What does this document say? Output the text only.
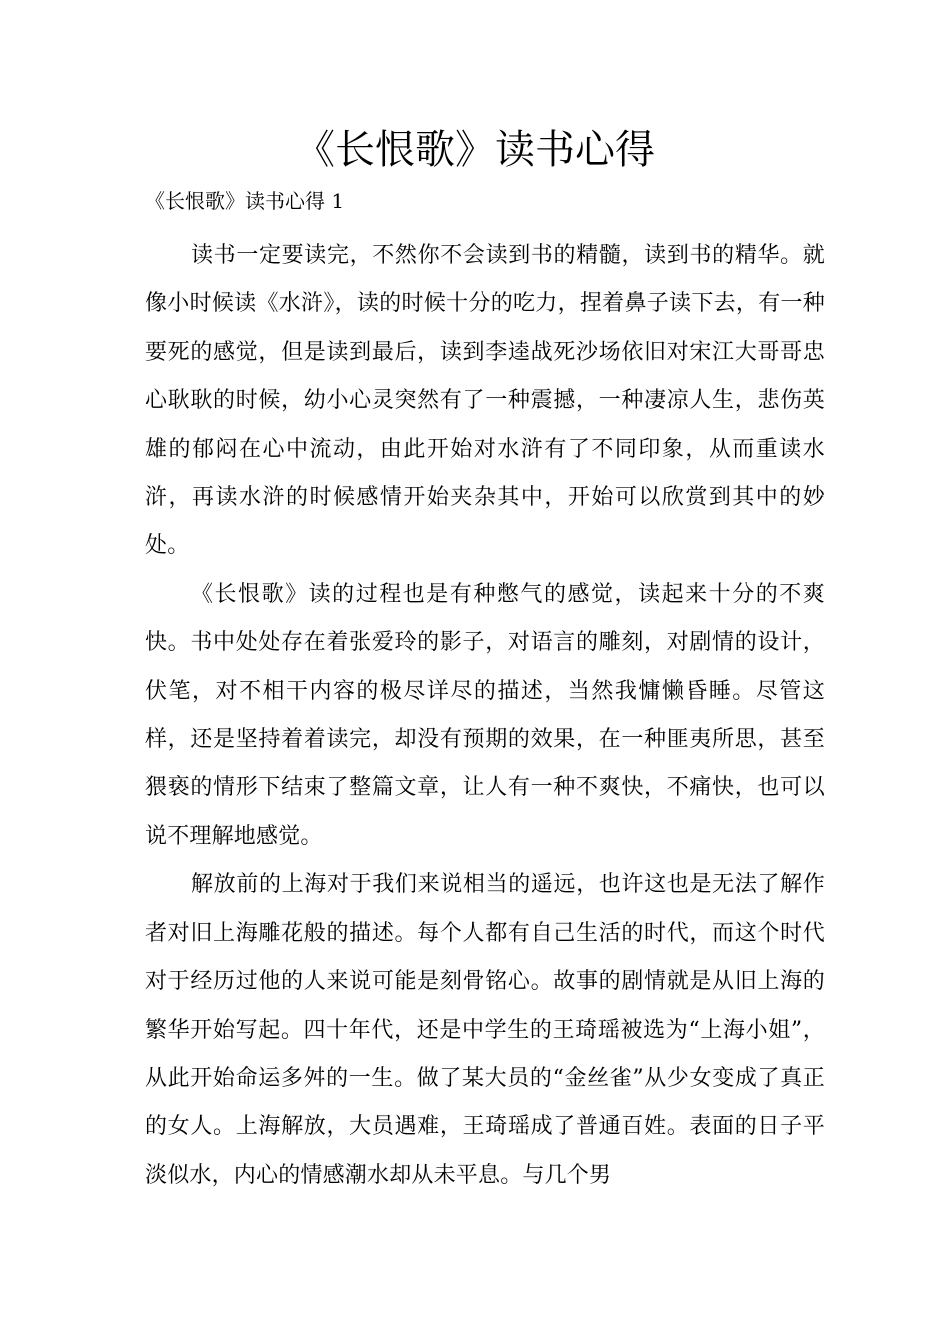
《长恨歌》读书心得

《长恨歌》读书心得 1

读书一定要读完，不然你不会读到书的精髓，读到书的精华。就像小时候读《水浒》，读的时候十分的吃力，捏着鼻子读下去，有一种要死的感觉，但是读到最后，读到李逵战死沙场依旧对宋江大哥哥忠心耿耿的时候，幼小心灵突然有了一种震撼，一种凄凉人生，悲伤英雄的郁闷在心中流动，由此开始对水浒有了不同印象，从而重读水浒，再读水浒的时候感情开始夹杂其中，开始可以欣赏到其中的妙处。

《长恨歌》读的过程也是有种憋气的感觉，读起来十分的不爽快。书中处处存在着张爱玲的影子，对语言的雕刻，对剧情的设计，伏笔，对不相干内容的极尽详尽的描述，当然我慵懒昏睡。尽管这样，还是坚持着着读完，却没有预期的效果，在一种匪夷所思，甚至猥亵的情形下结束了整篇文章，让人有一种不爽快，不痛快，也可以说不理解地感觉。

解放前的上海对于我们来说相当的遥远，也许这也是无法了解作者对旧上海雕花般的描述。每个人都有自己生活的时代，而这个时代对于经历过他的人来说可能是刻骨铭心。故事的剧情就是从旧上海的繁华开始写起。四十年代，还是中学生的王琦瑶被选为“上海小姐”，从此开始命运多舛的一生。做了某大员的“金丝雀”从少女变成了真正的女人。上海解放，大员遇难，王琦瑶成了普通百姓。表面的日子平淡似水，内心的情感潮水却从未平息。与几个男
